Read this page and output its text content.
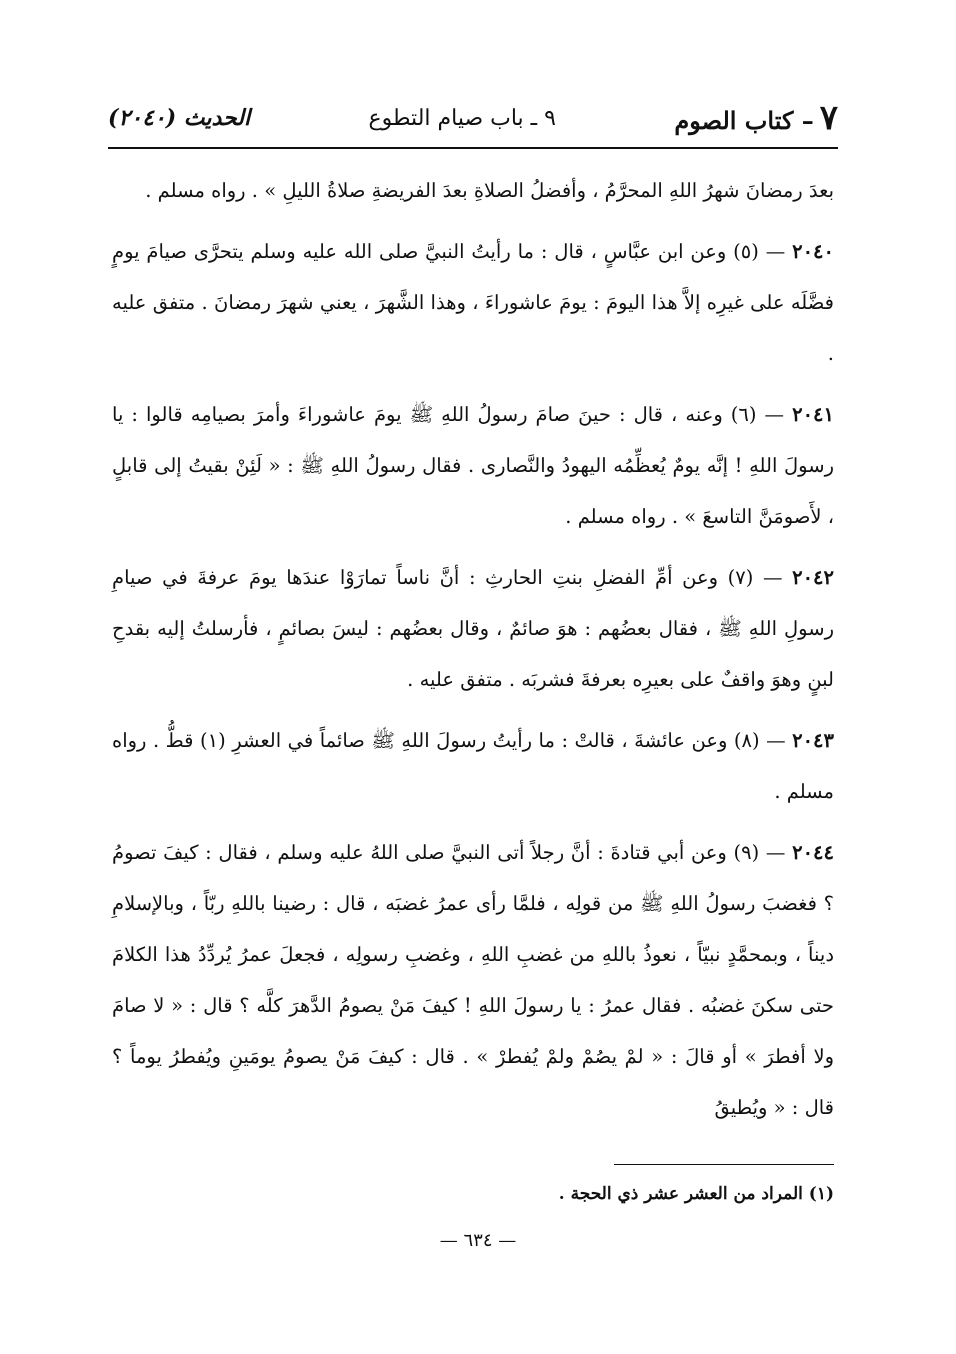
٧– كتاب الصوم
٩ ـ باب صيام التطوع
الحديث (٢٠٤٠)

بعدَ رمضانَ شهرُ اللهِ المحرَّمُ ، وأفضلُ الصلاةِ بعدَ الفريضةِ صلاةُ الليلِ » . رواه مسلم .

٢٠٤٠ — (٥) وعن ابن عبَّاسٍ ، قال : ما رأيتُ النبيَّ صلى الله عليه وسلم يتحرَّى صيامَ يومٍ فضَّلَه على غيرِه إلاَّ هذا اليومَ : يومَ عاشوراءَ ، وهذا الشَّهرَ ، يعني شهرَ رمضانَ . متفق عليه .

٢٠٤١ — (٦) وعنه ، قال : حينَ صامَ رسولُ اللهِ ﷺ يومَ عاشوراءَ وأمرَ بصيامِه قالوا : يا رسولَ اللهِ ! إنَّه يومٌ يُعظِّمُه اليهودُ والنَّصارى . فقال رسولُ اللهِ ﷺ : « لَئِنْ بقيتُ إلى قابلٍ ، لأَصومَنَّ التاسعَ » . رواه مسلم .

٢٠٤٢ — (٧) وعن أمِّ الفضلِ بنتِ الحارثِ : أنَّ ناساً تمارَوْا عندَها يومَ عرفةَ في صيامِ رسولِ اللهِ ﷺ ، فقال بعضُهم : هوَ صائمٌ ، وقال بعضُهم : ليسَ بصائمٍ ، فأرسلتُ إليه بقدحِ لبنٍ وهوَ واقفٌ على بعيرِه بعرفةَ فشربَه . متفق عليه .

٢٠٤٣ — (٨) وعن عائشةَ ، قالتْ : ما رأيتُ رسولَ اللهِ ﷺ صائماً في العشرِ (١) قطُّ . رواه مسلم .

٢٠٤٤ — (٩) وعن أبي قتادةَ : أنَّ رجلاً أتى النبيَّ صلى اللهُ عليه وسلم ، فقال : كيفَ تصومُ ؟ فغضبَ رسولُ اللهِ ﷺ من قولِه ، فلمَّا رأى عمرُ غضبَه ، قال : رضينا باللهِ ربّاً ، وبالإسلامِ ديناً ، وبمحمَّدٍ نبيّاً ، نعوذُ باللهِ من غضبِ اللهِ ، وغضبِ رسولِه ، فجعلَ عمرُ يُردِّدُ هذا الكلامَ حتى سكنَ غضبُه . فقال عمرُ : يا رسولَ اللهِ ! كيفَ مَنْ يصومُ الدَّهرَ كلَّه ؟ قال : « لا صامَ ولا أفطرَ » أو قالَ : « لمْ يصُمْ ولمْ يُفطرْ » . قال : كيفَ مَنْ يصومُ يومَينِ ويُفطرُ يوماً ؟ قال : « ويُطيقُ

(١) المراد من العشر عشر ذي الحجة .
— ٦٣٤ —
